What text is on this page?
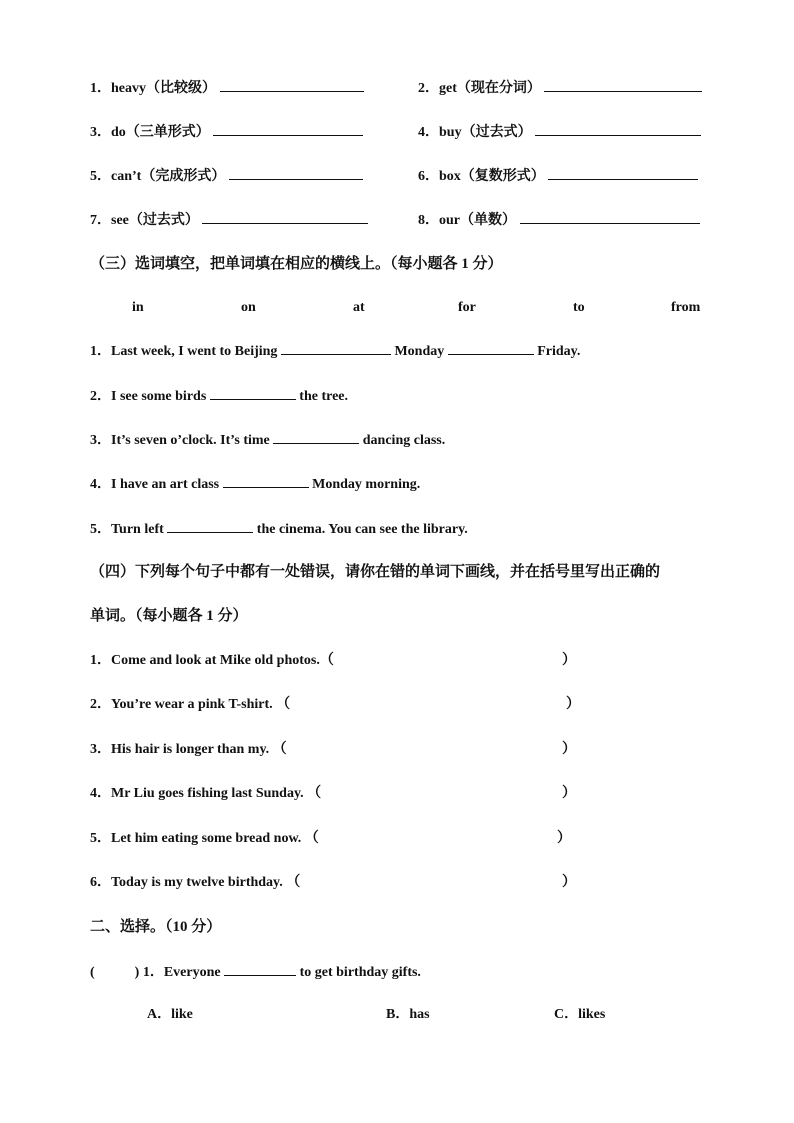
1．heavy（比较级）	2．get（现在分词）
3．do（三单形式）	4．buy（过去式）
5．can’t（完成形式）	6．box（复数形式）
7．see（过去式）	8．our（单数）
（三）选词填空，把单词填在相应的横线上。（每小题各 1 分）
in	on	at	for	to	from
1．Last week, I went to Beijing	Monday	Friday.
2．I see some birds	the tree.
3．It’s seven o’clock. It’s time	dancing class.
4．I have an art class	Monday morning.
5．Turn left	the cinema. You can see the library.
（四）下列每个句子中都有一处错误，请你在错的单词下画线，并在括号里写出正确的
单词。（每小题各 1 分）
1．Come and look at Mike old photos.（	）
2．You’re wear a pink T-shirt. （	）
3．His hair is longer than my. （	）
4．Mr Liu goes fishing last Sunday. （	）
5．Let him eating some bread now. （	）
6．Today is my twelve birthday. （	）
二、选择。（10 分）
(	) 1．Everyone	to get birthday gifts.
A．like	B．has	C．likes
